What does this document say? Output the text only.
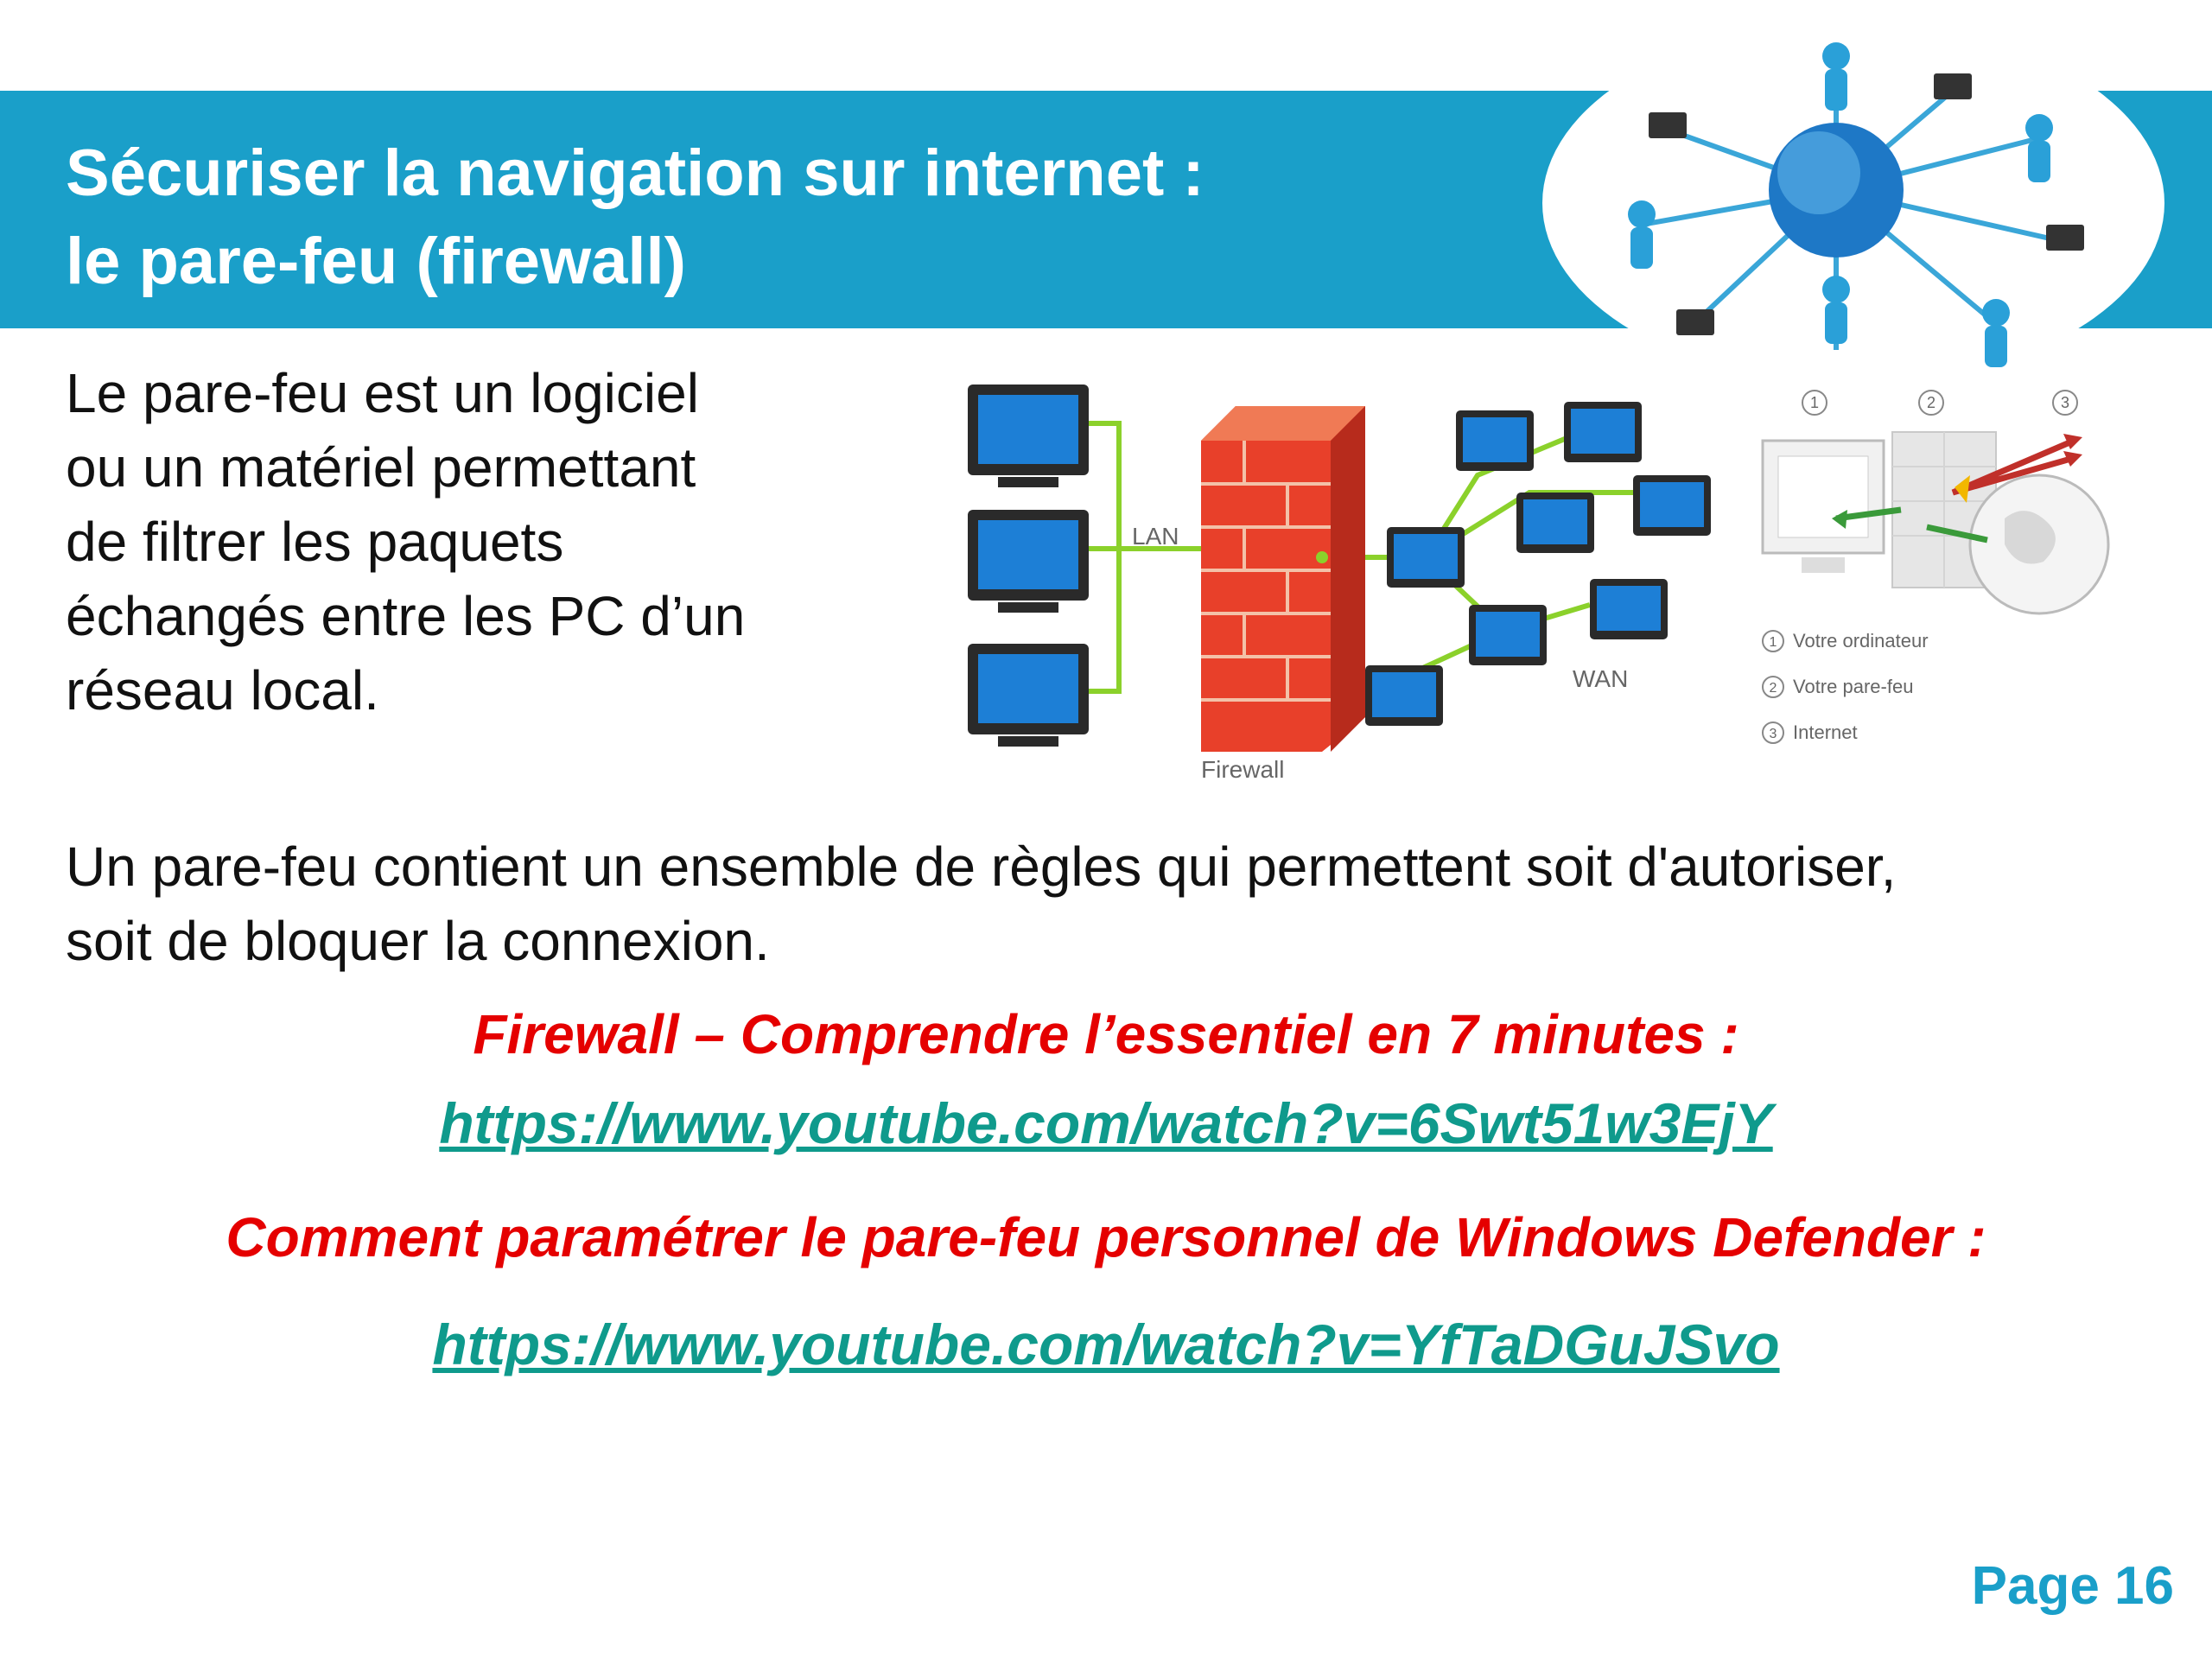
Sécuriser la navigation sur internet :
le pare-feu (firewall)
Le pare-feu est un logiciel
ou un matériel permettant
de filtrer les paquets
échangés entre les PC d’un
réseau local.
LAN
Firewall
WAN
1	2	3
1
2
3
Votre ordinateur
Votre pare-feu
Internet
Un pare-feu contient un ensemble de règles qui permettent soit d'autoriser,
soit de bloquer la connexion.
Firewall – Comprendre l’essentiel en 7 minutes :
https://www.youtube.com/watch?v=6Swt51w3EjY
Comment paramétrer le pare-feu personnel de Windows Defender :
https://www.youtube.com/watch?v=YfTaDGuJSvo
Page 16
